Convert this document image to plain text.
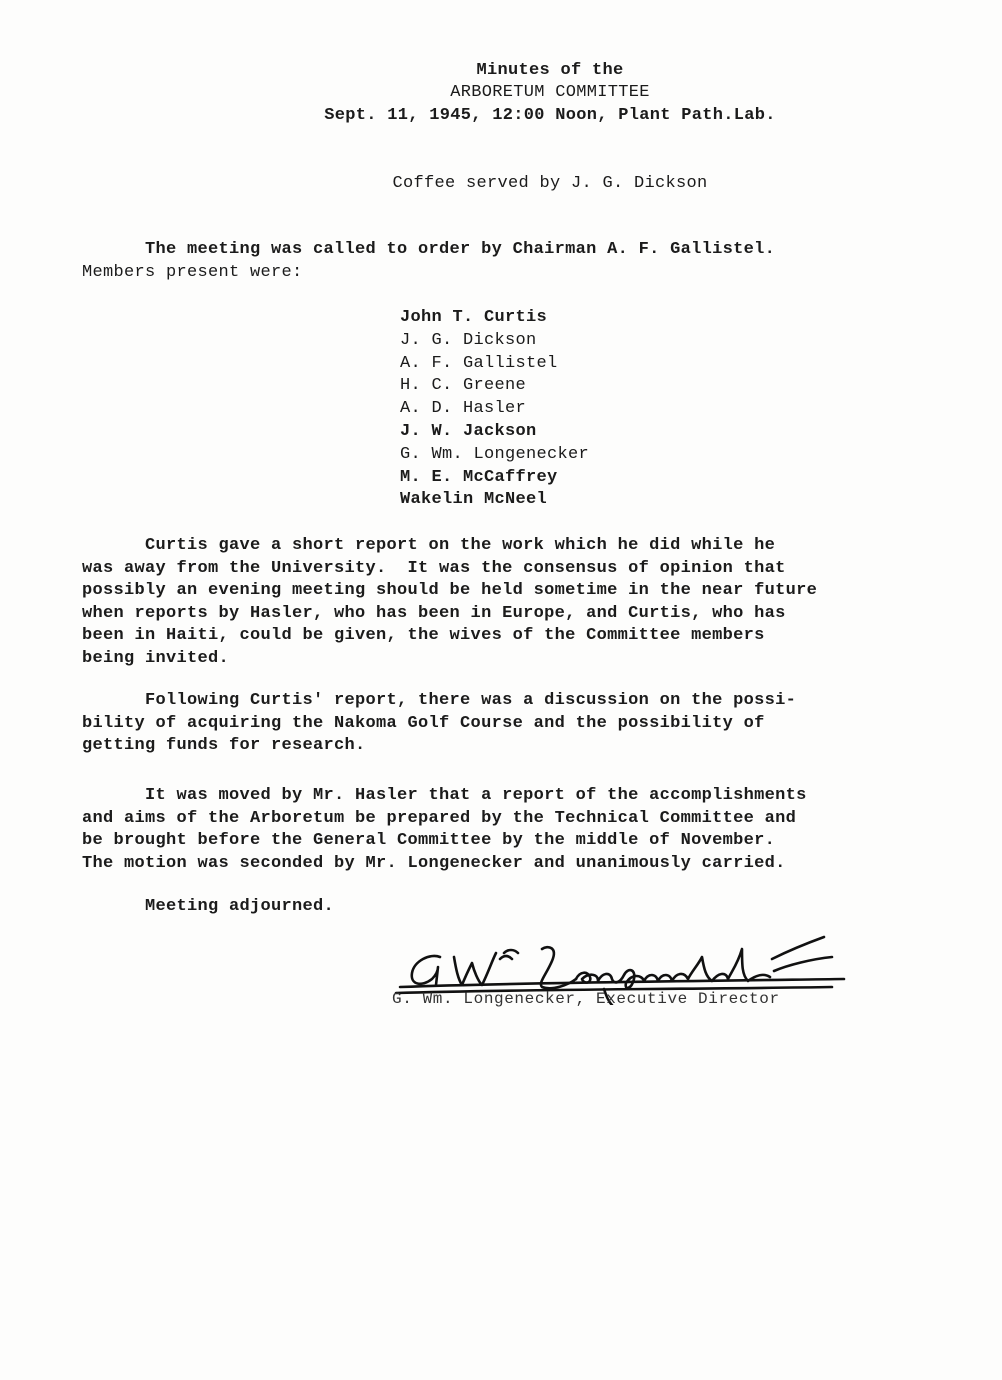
Minutes of the
ARBORETUM COMMITTEE
Sept. 11, 1945, 12:00 Noon, Plant Path.Lab.
Coffee served by J. G. Dickson
The meeting was called to order by Chairman A. F. Gallistel.
Members present were:
John T. Curtis
J. G. Dickson
A. F. Gallistel
H. C. Greene
A. D. Hasler
J. W. Jackson
G. Wm. Longenecker
M. E. McCaffrey
Wakelin McNeel
Curtis gave a short report on the work which he did while he
was away from the University.  It was the consensus of opinion that
possibly an evening meeting should be held sometime in the near future
when reports by Hasler, who has been in Europe, and Curtis, who has
been in Haiti, could be given, the wives of the Committee members
being invited.
Following Curtis' report, there was a discussion on the possi-
bility of acquiring the Nakoma Golf Course and the possibility of
getting funds for research.
It was moved by Mr. Hasler that a report of the accomplishments
and aims of the Arboretum be prepared by the Technical Committee and
be brought before the General Committee by the middle of November.
The motion was seconded by Mr. Longenecker and unanimously carried.
Meeting adjourned.
G. Wm. Longenecker, Executive Director
